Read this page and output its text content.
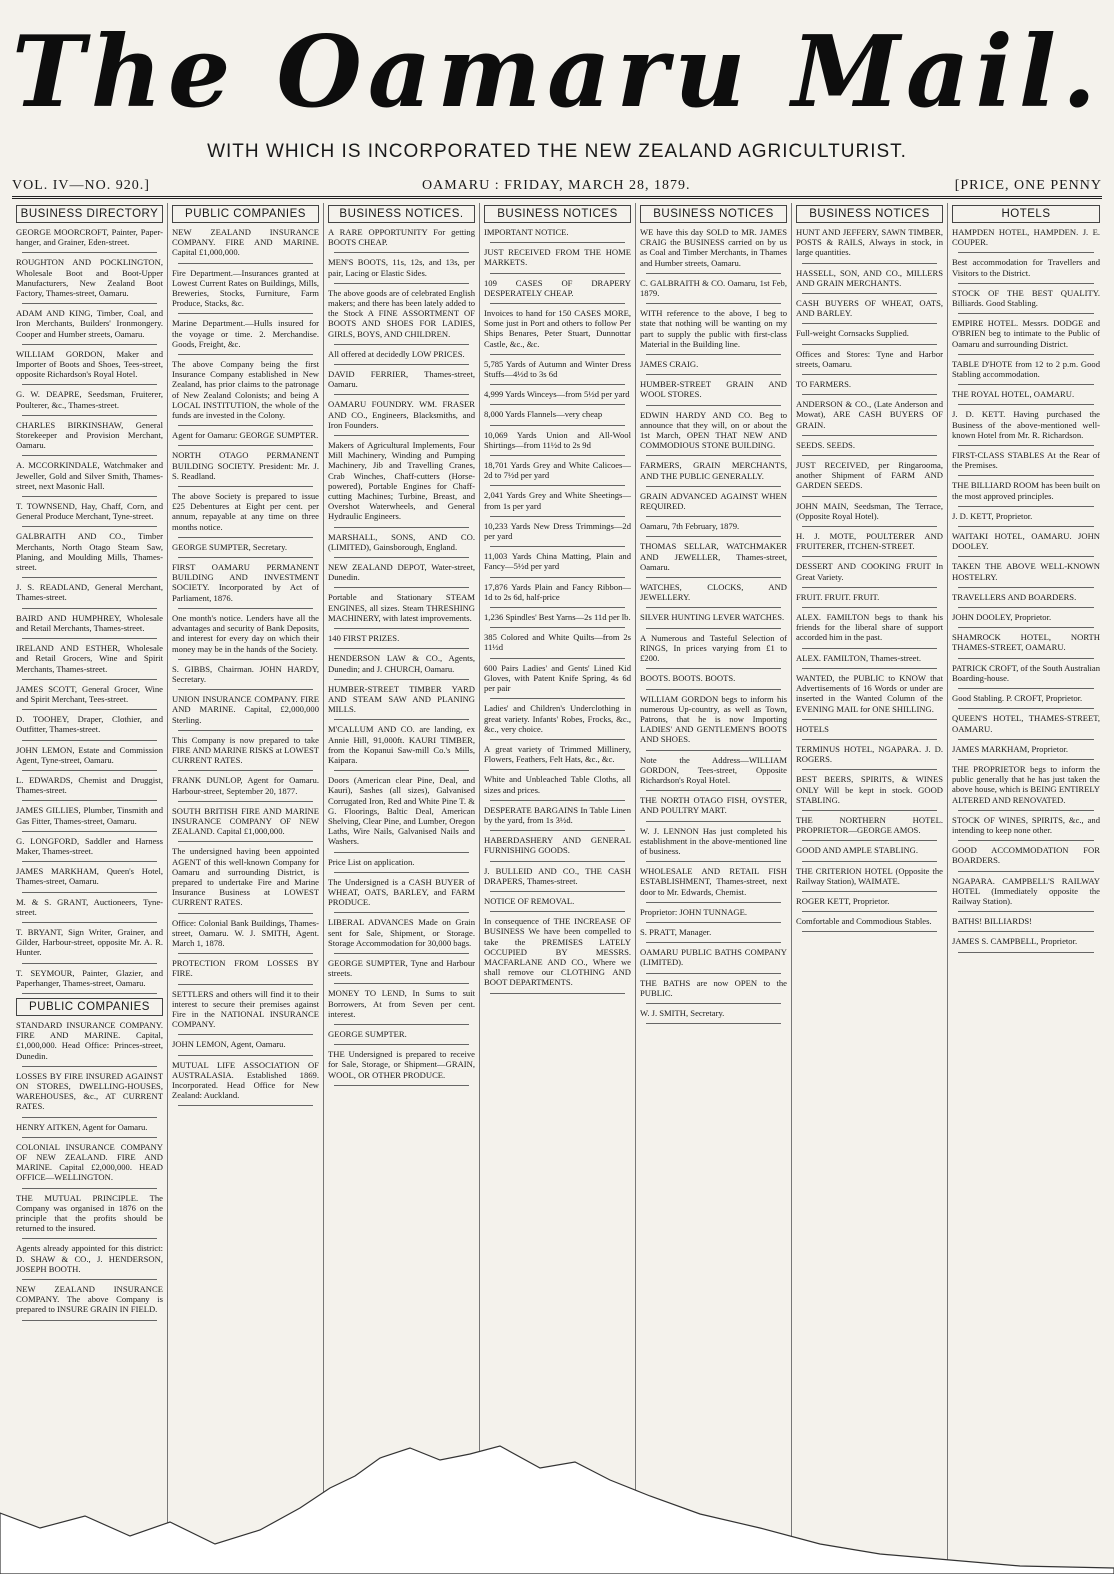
The Oamaru Mail.
WITH WHICH IS INCORPORATED THE NEW ZEALAND AGRICULTURIST.
VOL. IV—NO. 920.]	OAMARU : FRIDAY, MARCH 28, 1879.	[PRICE, ONE PENNY
BUSINESS DIRECTORY
GEORGE MOORCROFT, Painter, Paper-hanger, and Grainer, Eden-street.
ROUGHTON AND POCKLINGTON, Wholesale Boot and Boot-Upper Manufacturers, New Zealand Boot Factory, Thames-street, Oamaru.
ADAM AND KING, Timber, Coal, and Iron Merchants, Builders' Ironmongery. Cooper and Humber streets, Oamaru.
WILLIAM GORDON, Maker and Importer of Boots and Shoes, Tees-street, opposite Richardson's Royal Hotel.
G. W. DEAPRE, Seedsman, Fruiterer, Poulterer, &c., Thames-street.
CHARLES BIRKINSHAW, General Storekeeper and Provision Merchant, Oamaru.
A. MCCORKINDALE, Watchmaker and Jeweller, Gold and Silver Smith, Thames-street, next Masonic Hall.
T. TOWNSEND, Hay, Chaff, Corn, and General Produce Merchant, Tyne-street.
GALBRAITH AND CO., Timber Merchants, North Otago Steam Saw, Planing, and Moulding Mills, Thames-street.
J. S. READLAND, General Merchant, Thames-street.
BAIRD AND HUMPHREY, Wholesale and Retail Merchants, Thames-street.
IRELAND AND ESTHER, Wholesale and Retail Grocers, Wine and Spirit Merchants, Thames-street.
JAMES SCOTT, General Grocer, Wine and Spirit Merchant, Tees-street.
D. TOOHEY, Draper, Clothier, and Outfitter, Thames-street.
JOHN LEMON, Estate and Commission Agent, Tyne-street, Oamaru.
L. EDWARDS, Chemist and Druggist, Thames-street.
JAMES GILLIES, Plumber, Tinsmith and Gas Fitter, Thames-street, Oamaru.
G. LONGFORD, Saddler and Harness Maker, Thames-street.
JAMES MARKHAM, Queen's Hotel, Thames-street, Oamaru.
M. & S. GRANT, Auctioneers, Tyne-street.
T. BRYANT, Sign Writer, Grainer, and Gilder, Harbour-street, opposite Mr. A. R. Hunter.
T. SEYMOUR, Painter, Glazier, and Paperhanger, Thames-street, Oamaru.
PUBLIC COMPANIES
STANDARD INSURANCE COMPANY. FIRE AND MARINE. Capital, £1,000,000. Head Office: Princes-street, Dunedin.
LOSSES BY FIRE INSURED AGAINST ON STORES, DWELLING-HOUSES, WAREHOUSES, &c., AT CURRENT RATES.
HENRY AITKEN, Agent for Oamaru.
COLONIAL INSURANCE COMPANY OF NEW ZEALAND. FIRE AND MARINE. Capital £2,000,000. HEAD OFFICE—WELLINGTON.
THE MUTUAL PRINCIPLE. The Company was organised in 1876 on the principle that the profits should be returned to the insured.
Agents already appointed for this district: D. SHAW & CO., J. HENDERSON, JOSEPH BOOTH.
NEW ZEALAND INSURANCE COMPANY. The above Company is prepared to INSURE GRAIN IN FIELD.
PUBLIC COMPANIES
NEW ZEALAND INSURANCE COMPANY. FIRE AND MARINE. Capital £1,000,000.
Fire Department.—Insurances granted at Lowest Current Rates on Buildings, Mills, Breweries, Stocks, Furniture, Farm Produce, Stacks, &c.
Marine Department.—Hulls insured for the voyage or time. 2. Merchandise. Goods, Freight, &c.
The above Company being the first Insurance Company established in New Zealand, has prior claims to the patronage of New Zealand Colonists; and being A LOCAL INSTITUTION, the whole of the funds are invested in the Colony.
Agent for Oamaru: GEORGE SUMPTER.
NORTH OTAGO PERMANENT BUILDING SOCIETY. President: Mr. J. S. Readland.
The above Society is prepared to issue £25 Debentures at Eight per cent. per annum, repayable at any time on three months notice.
GEORGE SUMPTER, Secretary.
FIRST OAMARU PERMANENT BUILDING AND INVESTMENT SOCIETY. Incorporated by Act of Parliament, 1876.
One month's notice. Lenders have all the advantages and security of Bank Deposits, and interest for every day on which their money may be in the hands of the Society.
S. GIBBS, Chairman. JOHN HARDY, Secretary.
UNION INSURANCE COMPANY. FIRE AND MARINE. Capital, £2,000,000 Sterling.
This Company is now prepared to take FIRE AND MARINE RISKS at LOWEST CURRENT RATES.
FRANK DUNLOP, Agent for Oamaru. Harbour-street, September 20, 1877.
SOUTH BRITISH FIRE AND MARINE INSURANCE COMPANY OF NEW ZEALAND. Capital £1,000,000.
The undersigned having been appointed AGENT of this well-known Company for Oamaru and surrounding District, is prepared to undertake Fire and Marine Insurance Business at LOWEST CURRENT RATES.
Office: Colonial Bank Buildings, Thames-street, Oamaru. W. J. SMITH, Agent. March 1, 1878.
PROTECTION FROM LOSSES BY FIRE.
SETTLERS and others will find it to their interest to secure their premises against Fire in the NATIONAL INSURANCE COMPANY.
JOHN LEMON, Agent, Oamaru.
MUTUAL LIFE ASSOCIATION OF AUSTRALASIA. Established 1869. Incorporated. Head Office for New Zealand: Auckland.
BUSINESS NOTICES.
A RARE OPPORTUNITY For getting BOOTS CHEAP.
MEN'S BOOTS, 11s, 12s, and 13s, per pair, Lacing or Elastic Sides.
The above goods are of celebrated English makers; and there has been lately added to the Stock A FINE ASSORTMENT OF BOOTS AND SHOES FOR LADIES, GIRLS, BOYS, AND CHILDREN.
All offered at decidedly LOW PRICES.
DAVID FERRIER, Thames-street, Oamaru.
OAMARU FOUNDRY. WM. FRASER AND CO., Engineers, Blacksmiths, and Iron Founders.
Makers of Agricultural Implements, Four Mill Machinery, Winding and Pumping Machinery, Jib and Travelling Cranes, Crab Winches, Chaff-cutters (Horse-powered), Portable Engines for Chaff-cutting Machines; Turbine, Breast, and Overshot Waterwheels, and General Hydraulic Engineers.
MARSHALL, SONS, AND CO. (LIMITED), Gainsborough, England.
NEW ZEALAND DEPOT, Water-street, Dunedin.
Portable and Stationary STEAM ENGINES, all sizes. Steam THRESHING MACHINERY, with latest improvements.
140 FIRST PRIZES.
HENDERSON LAW & CO., Agents, Dunedin; and J. CHURCH, Oamaru.
HUMBER-STREET TIMBER YARD AND STEAM SAW AND PLANING MILLS.
M'CALLUM AND CO. are landing, ex Annie Hill, 91,000ft. KAURI TIMBER, from the Kopanui Saw-mill Co.'s Mills, Kaipara.
Doors (American clear Pine, Deal, and Kauri), Sashes (all sizes), Galvanised Corrugated Iron, Red and White Pine T. & G. Floorings, Baltic Deal, American Shelving, Clear Pine, and Lumber, Oregon Laths, Wire Nails, Galvanised Nails and Washers.
Price List on application.
The Undersigned is a CASH BUYER of WHEAT, OATS, BARLEY, and FARM PRODUCE.
LIBERAL ADVANCES Made on Grain sent for Sale, Shipment, or Storage. Storage Accommodation for 30,000 bags.
GEORGE SUMPTER, Tyne and Harbour streets.
MONEY TO LEND, In Sums to suit Borrowers, At from Seven per cent. interest.
GEORGE SUMPTER.
THE Undersigned is prepared to receive for Sale, Storage, or Shipment—GRAIN, WOOL, OR OTHER PRODUCE.
BUSINESS NOTICES
IMPORTANT NOTICE.
JUST RECEIVED FROM THE HOME MARKETS.
109 CASES OF DRAPERY DESPERATELY CHEAP.
Invoices to hand for 150 CASES MORE, Some just in Port and others to follow Per Ships Benares, Peter Stuart, Dunnottar Castle, &c., &c.
5,785 Yards of Autumn and Winter Dress Stuffs—4½d to 3s 6d
4,999 Yards Winceys—from 5½d per yard
8,000 Yards Flannels—very cheap
10,069 Yards Union and All-Wool Shirtings—from 11½d to 2s 9d
18,701 Yards Grey and White Calicoes—2d to 7½d per yard
2,041 Yards Grey and White Sheetings—from 1s per yard
10,233 Yards New Dress Trimmings—2d per yard
11,003 Yards China Matting, Plain and Fancy—5½d per yard
17,876 Yards Plain and Fancy Ribbon—1d to 2s 6d, half-price
1,236 Spindles' Best Yarns—2s 11d per lb.
385 Colored and White Quilts—from 2s 11½d
600 Pairs Ladies' and Gents' Lined Kid Gloves, with Patent Knife Spring, 4s 6d per pair
Ladies' and Children's Underclothing in great variety. Infants' Robes, Frocks, &c., &c., very choice.
A great variety of Trimmed Millinery, Flowers, Feathers, Felt Hats, &c., &c.
White and Unbleached Table Cloths, all sizes and prices.
DESPERATE BARGAINS In Table Linen by the yard, from 1s 3½d.
HABERDASHERY AND GENERAL FURNISHING GOODS.
J. BULLEID AND CO., THE CASH DRAPERS, Thames-street.
NOTICE OF REMOVAL.
In consequence of THE INCREASE OF BUSINESS We have been compelled to take the PREMISES LATELY OCCUPIED BY MESSRS. MACFARLANE AND CO., Where we shall remove our CLOTHING AND BOOT DEPARTMENTS.
BUSINESS NOTICES
WE have this day SOLD to MR. JAMES CRAIG the BUSINESS carried on by us as Coal and Timber Merchants, in Thames and Humber streets, Oamaru.
C. GALBRAITH & CO. Oamaru, 1st Feb, 1879.
WITH reference to the above, I beg to state that nothing will be wanting on my part to supply the public with first-class Material in the Building line.
JAMES CRAIG.
HUMBER-STREET GRAIN AND WOOL STORES.
EDWIN HARDY AND CO. Beg to announce that they will, on or about the 1st March, OPEN THAT NEW AND COMMODIOUS STONE BUILDING.
FARMERS, GRAIN MERCHANTS, AND THE PUBLIC GENERALLY.
GRAIN ADVANCED AGAINST WHEN REQUIRED.
Oamaru, 7th February, 1879.
THOMAS SELLAR, WATCHMAKER AND JEWELLER, Thames-street, Oamaru.
WATCHES, CLOCKS, AND JEWELLERY.
SILVER HUNTING LEVER WATCHES.
A Numerous and Tasteful Selection of RINGS, In prices varying from £1 to £200.
BOOTS. BOOTS. BOOTS.
WILLIAM GORDON begs to inform his numerous Up-country, as well as Town, Patrons, that he is now Importing LADIES' AND GENTLEMEN'S BOOTS AND SHOES.
Note the Address—WILLIAM GORDON, Tees-street, Opposite Richardson's Royal Hotel.
THE NORTH OTAGO FISH, OYSTER, AND POULTRY MART.
W. J. LENNON Has just completed his establishment in the above-mentioned line of business.
WHOLESALE AND RETAIL FISH ESTABLISHMENT, Thames-street, next door to Mr. Edwards, Chemist.
Proprietor: JOHN TUNNAGE.
S. PRATT, Manager.
OAMARU PUBLIC BATHS COMPANY (LIMITED).
THE BATHS are now OPEN to the PUBLIC.
W. J. SMITH, Secretary.
BUSINESS NOTICES
HUNT AND JEFFERY, SAWN TIMBER, POSTS & RAILS, Always in stock, in large quantities.
HASSELL, SON, AND CO., MILLERS AND GRAIN MERCHANTS.
CASH BUYERS OF WHEAT, OATS, AND BARLEY.
Full-weight Cornsacks Supplied.
Offices and Stores: Tyne and Harbor streets, Oamaru.
TO FARMERS.
ANDERSON & CO., (Late Anderson and Mowat), ARE CASH BUYERS OF GRAIN.
SEEDS. SEEDS.
JUST RECEIVED, per Ringarooma, another Shipment of FARM AND GARDEN SEEDS.
JOHN MAIN, Seedsman, The Terrace, (Opposite Royal Hotel).
H. J. MOTE, POULTERER AND FRUITERER, ITCHEN-STREET.
DESSERT AND COOKING FRUIT In Great Variety.
FRUIT. FRUIT. FRUIT.
ALEX. FAMILTON begs to thank his friends for the liberal share of support accorded him in the past.
ALEX. FAMILTON, Thames-street.
WANTED, the PUBLIC to KNOW that Advertisements of 16 Words or under are inserted in the Wanted Column of the EVENING MAIL for ONE SHILLING.
HOTELS
TERMINUS HOTEL, NGAPARA. J. D. ROGERS.
BEST BEERS, SPIRITS, & WINES ONLY Will be kept in stock. GOOD STABLING.
THE NORTHERN HOTEL. PROPRIETOR—GEORGE AMOS.
GOOD AND AMPLE STABLING.
THE CRITERION HOTEL (Opposite the Railway Station), WAIMATE.
ROGER KETT, Proprietor.
Comfortable and Commodious Stables.
HOTELS
HAMPDEN HOTEL, HAMPDEN. J. E. COUPER.
Best accommodation for Travellers and Visitors to the District.
STOCK OF THE BEST QUALITY. Billiards. Good Stabling.
EMPIRE HOTEL. Messrs. DODGE and O'BRIEN beg to intimate to the Public of Oamaru and surrounding District.
TABLE D'HOTE from 12 to 2 p.m. Good Stabling accommodation.
THE ROYAL HOTEL, OAMARU.
J. D. KETT. Having purchased the Business of the above-mentioned well-known Hotel from Mr. R. Richardson.
FIRST-CLASS STABLES At the Rear of the Premises.
THE BILLIARD ROOM has been built on the most approved principles.
J. D. KETT, Proprietor.
WAITAKI HOTEL, OAMARU. JOHN DOOLEY.
TAKEN THE ABOVE WELL-KNOWN HOSTELRY.
TRAVELLERS AND BOARDERS.
JOHN DOOLEY, Proprietor.
SHAMROCK HOTEL, NORTH THAMES-STREET, OAMARU.
PATRICK CROFT, of the South Australian Boarding-house.
Good Stabling. P. CROFT, Proprietor.
QUEEN'S HOTEL, THAMES-STREET, OAMARU.
JAMES MARKHAM, Proprietor.
THE PROPRIETOR begs to inform the public generally that he has just taken the above house, which is BEING ENTIRELY ALTERED AND RENOVATED.
STOCK OF WINES, SPIRITS, &c., and intending to keep none other.
GOOD ACCOMMODATION FOR BOARDERS.
NGAPARA. CAMPBELL'S RAILWAY HOTEL (Immediately opposite the Railway Station).
BATHS! BILLIARDS!
JAMES S. CAMPBELL, Proprietor.
